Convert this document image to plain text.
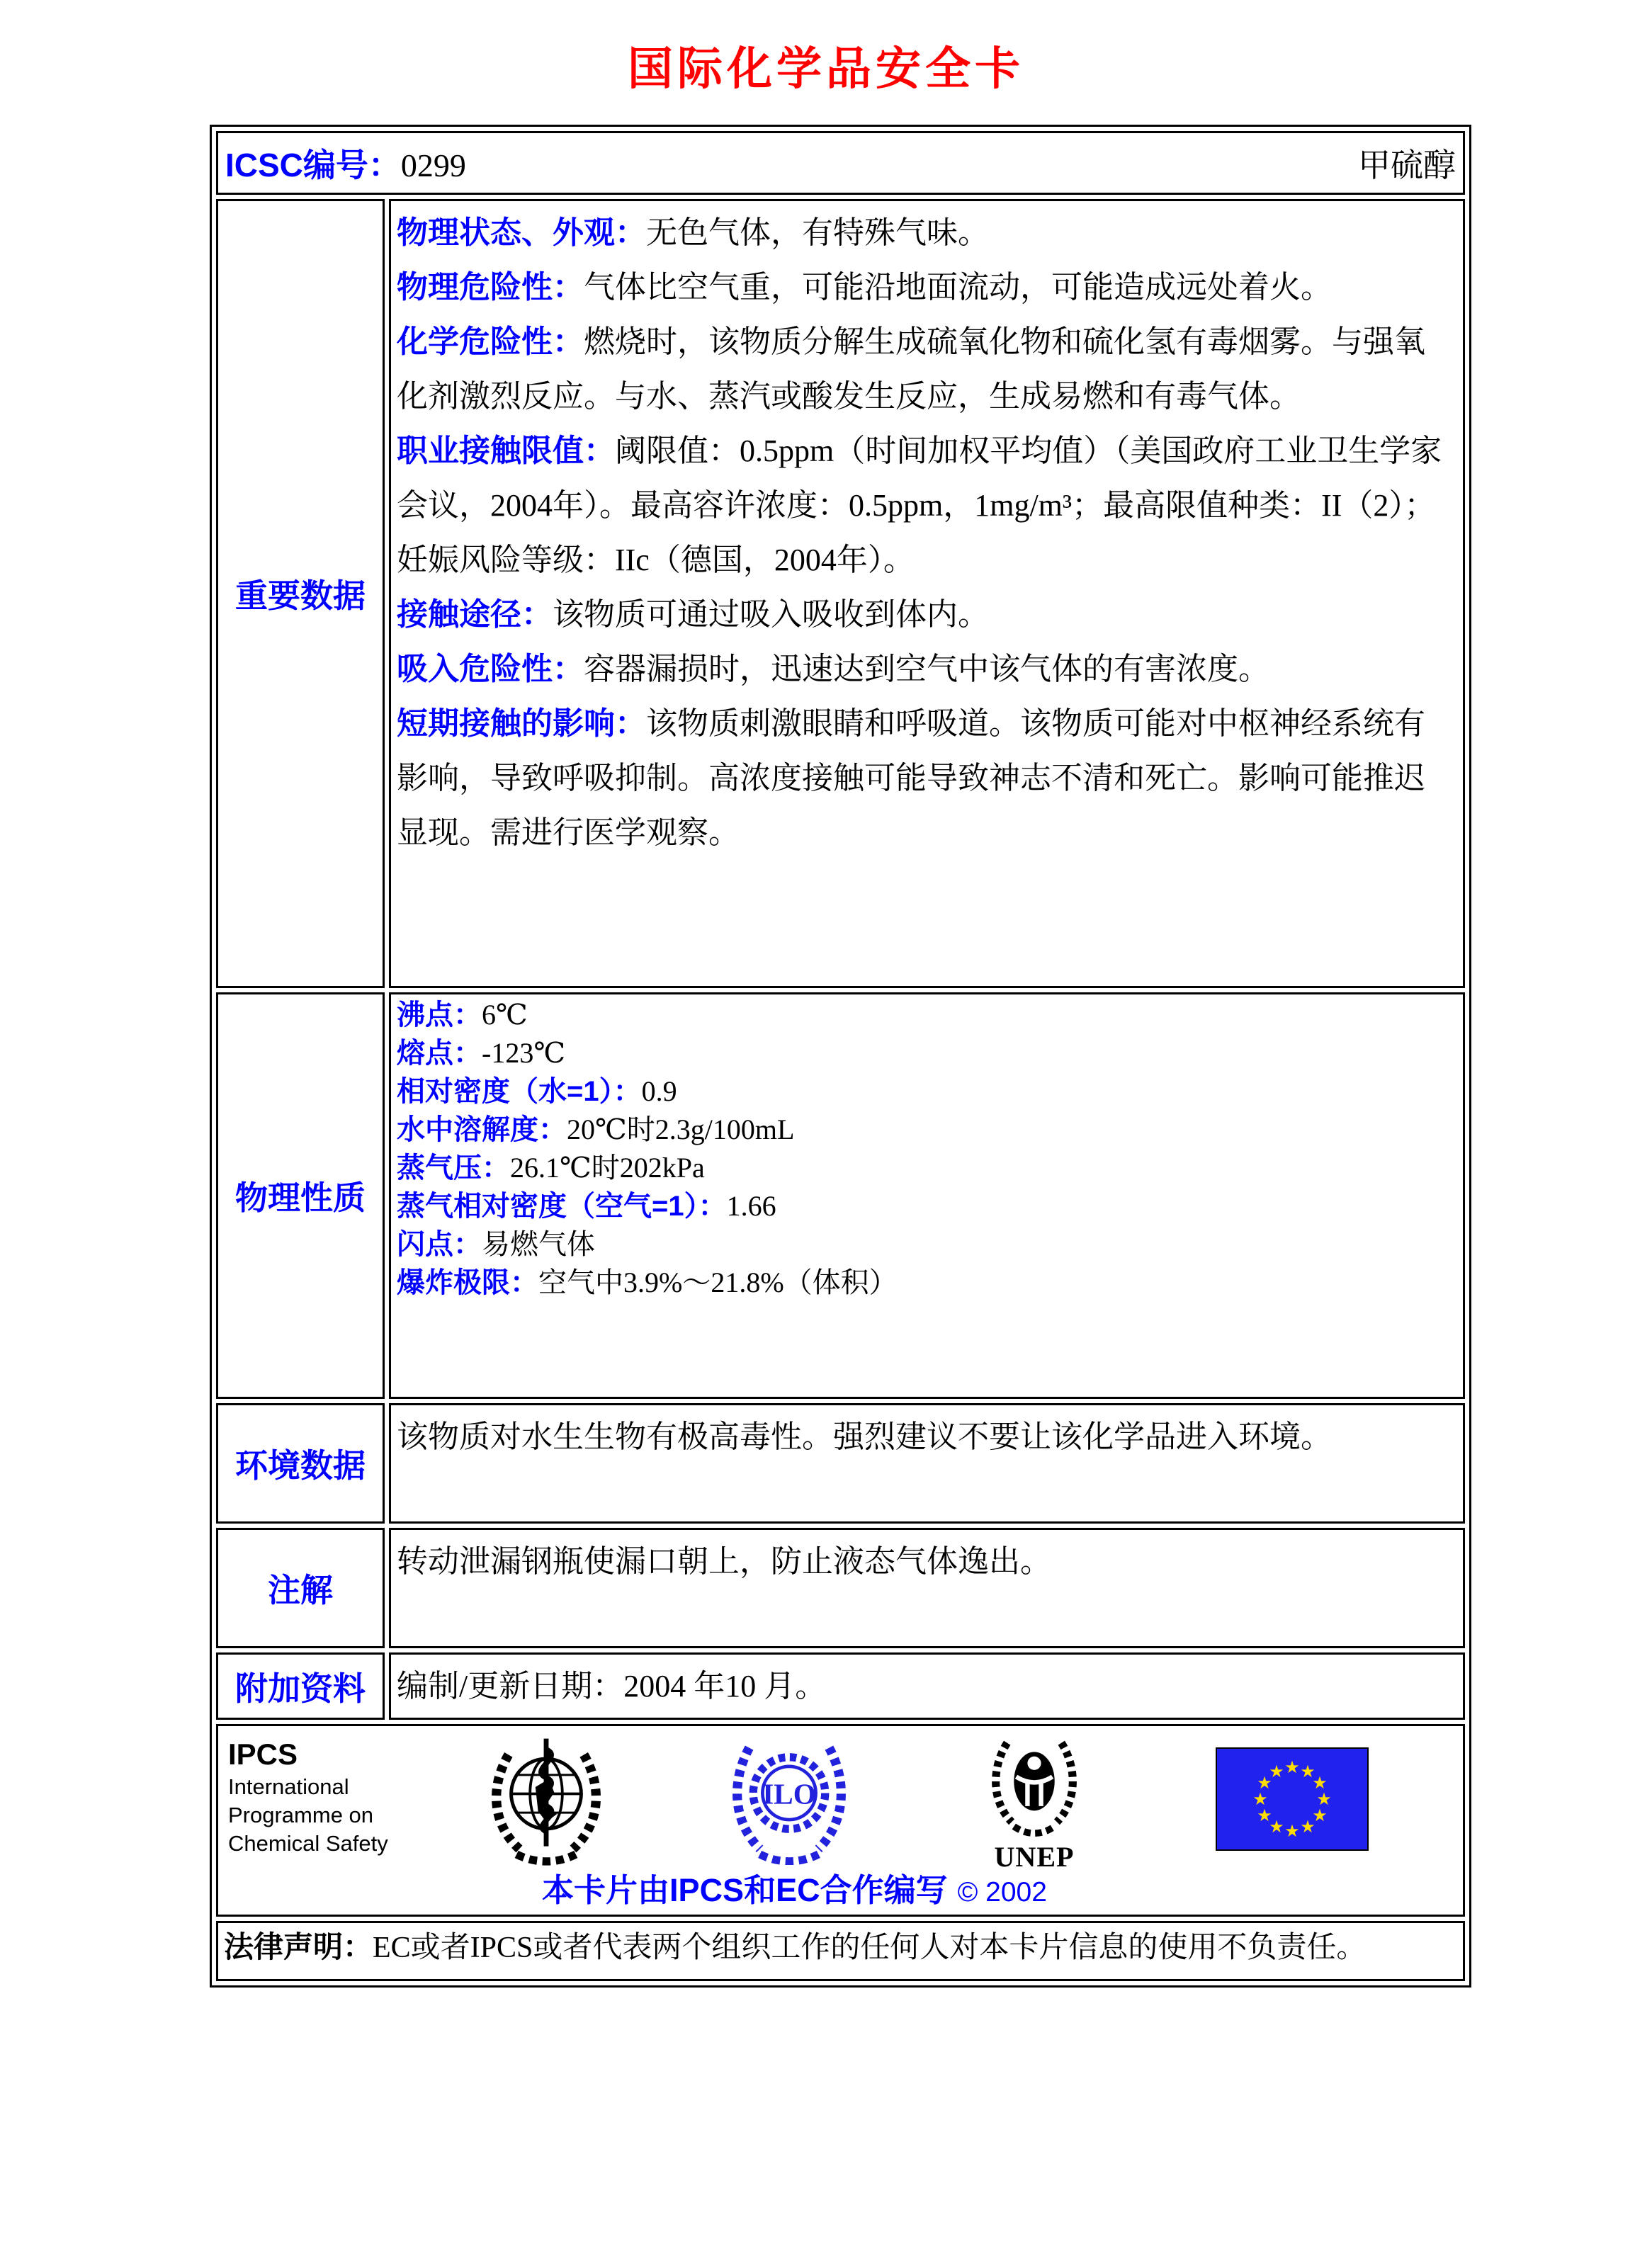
国际化学品安全卡
ICSC编号：0299 甲硫醇	

重要数据	
物理状态、外观：无色气体，有特殊气味。
物理危险性：气体比空气重，可能沿地面流动，可能造成远处着火。
化学危险性：燃烧时，该物质分解生成硫氧化物和硫化氢有毒烟雾。与强氧化剂激烈反应。与水、蒸汽或酸发生反应，生成易燃和有毒气体。
职业接触限值：阈限值：0.5ppm（时间加权平均值）（美国政府工业卫生学家会议，2004年）。最高容许浓度：0.5ppm，1mg/m³；最高限值种类：II（2）；妊娠风险等级：IIc（德国，2004年）。
接触途径：该物质可通过吸入吸收到体内。
吸入危险性：容器漏损时，迅速达到空气中该气体的有害浓度。
短期接触的影响：该物质刺激眼睛和呼吸道。该物质可能对中枢神经系统有影响，导致呼吸抑制。高浓度接触可能导致神志不清和死亡。影响可能推迟显现。需进行医学观察。

物理性质	
沸点：6℃
熔点：-123℃
相对密度（水=1）：0.9
水中溶解度：20℃时2.3g/100mL
蒸气压：26.1℃时202kPa
蒸气相对密度（空气=1）：1.66
闪点：易燃气体
爆炸极限：空气中3.9%～21.8%（体积）

环境数据	该物质对水生生物有极高毒性。强烈建议不要让该化学品进入环境。
注解	转动泄漏钢瓶使漏口朝上，防止液态气体逸出。
附加资料	编制/更新日期：2004 年10 月。

IPCS
International
Programme on
Chemical Safety
ILO
UNEP
★
★
★
★
★
★
★
★
★ ★ ★
★
本卡片由IPCS和EC合作编写 © 2002

法律声明：EC或者IPCS或者代表两个组织工作的任何人对本卡片信息的使用不负责任。	
